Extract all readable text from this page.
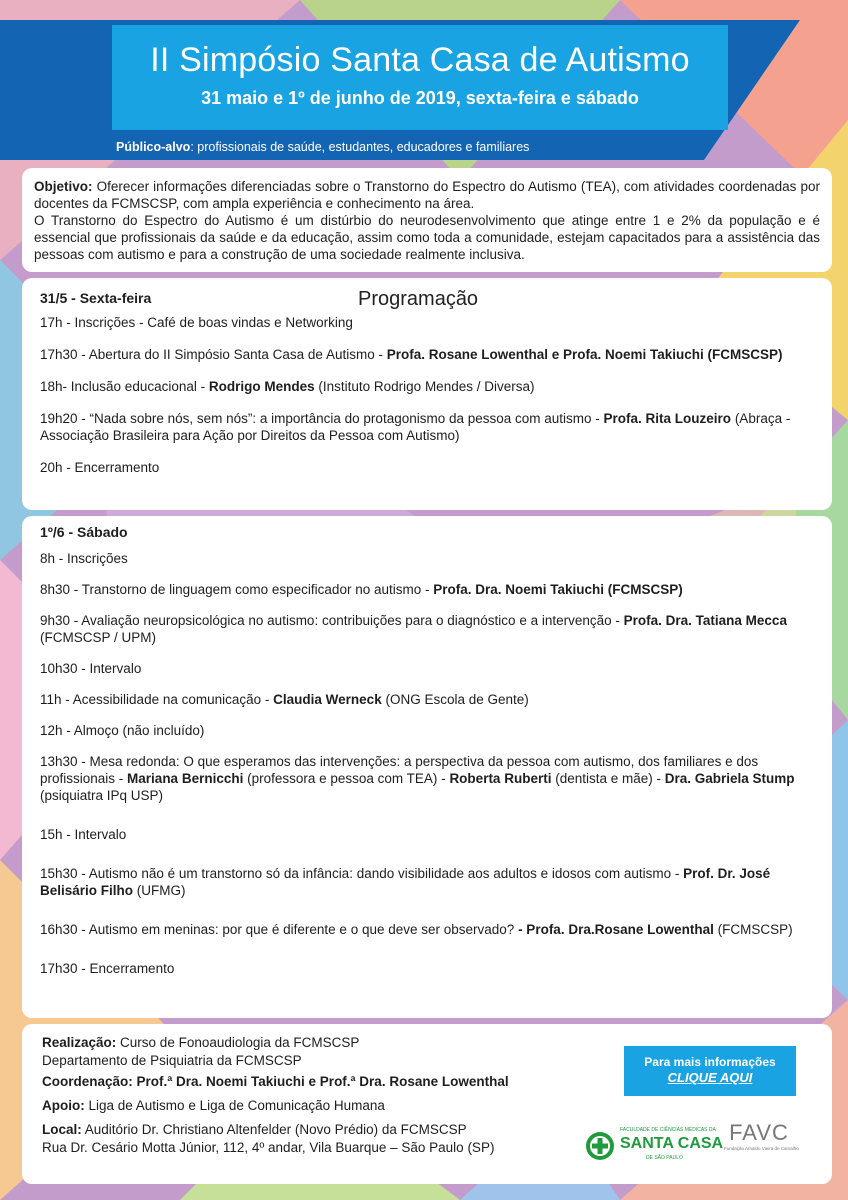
II Simpósio Santa Casa de Autismo
31 maio e 1º de junho de 2019, sexta-feira e sábado
Público-alvo: profissionais de saúde, estudantes, educadores e familiares

Objetivo: Oferecer informações diferenciadas sobre o Transtorno do Espectro do Autismo (TEA), com atividades coordenadas por docentes da FCMSCSP, com ampla experiência e conhecimento na área.

O Transtorno do Espectro do Autismo é um distúrbio do neurodesenvolvimento que atinge entre 1 e 2% da população e é essencial que profissionais da saúde e da educação, assim como toda a comunidade, estejam capacitados para a assistência das pessoas com autismo e para a construção de uma sociedade realmente inclusiva.

Programação
31/5 - Sexta-feira

17h - Inscrições - Café de boas vindas e Networking

17h30 - Abertura do II Simpósio Santa Casa de Autismo - Profa. Rosane Lowenthal e Profa. Noemi Takiuchi (FCMSCSP)

18h- Inclusão educacional - Rodrigo Mendes (Instituto Rodrigo Mendes / Diversa)

19h20 - “Nada sobre nós, sem nós”: a importância do protagonismo da pessoa com autismo - Profa. Rita Louzeiro (Abraça - Associação Brasileira para Ação por Direitos da Pessoa com Autismo)

20h - Encerramento

1º/6 - Sábado

8h - Inscrições

8h30 - Transtorno de linguagem como especificador no autismo - Profa. Dra. Noemi Takiuchi (FCMSCSP)

9h30 - Avaliação neuropsicológica no autismo: contribuições para o diagnóstico e a intervenção - Profa. Dra. Tatiana Mecca (FCMSCSP / UPM)

10h30 - Intervalo

11h - Acessibilidade na comunicação - Claudia Werneck (ONG Escola de Gente)

12h - Almoço (não incluído)

13h30 - Mesa redonda: O que esperamos das intervenções: a perspectiva da pessoa com autismo, dos familiares e dos profissionais - Mariana Bernicchi (professora e pessoa com TEA) - Roberta Ruberti (dentista e mãe) - Dra. Gabriela Stump (psiquiatra IPq USP)

15h - Intervalo

15h30 - Autismo não é um transtorno só da infância: dando visibilidade aos adultos e idosos com autismo - Prof. Dr. José Belisário Filho (UFMG)

16h30 - Autismo em meninas: por que é diferente e o que deve ser observado? - Profa. Dra.Rosane Lowenthal (FCMSCSP)

17h30 - Encerramento

Realização: Curso de Fonoaudiologia da FCMSCSP
Departamento de Psiquiatria da FCMSCSP
Coordenação: Prof.ª Dra. Noemi Takiuchi e Prof.ª Dra. Rosane Lowenthal
Apoio: Liga de Autismo e Liga de Comunicação Humana
Local: Auditório Dr. Christiano Altenfelder (Novo Prédio) da FCMSCSP
Rua Dr. Cesário Motta Júnior, 112, 4º andar, Vila Buarque – São Paulo (SP)
Para mais informações
CLIQUE AQUI
FACULDADE DE CIÊNCIAS MÉDICAS DA
SANTA CASA
DE SÃO PAULO
FAVC
Fundação Arnaldo Vieira de Carvalho
